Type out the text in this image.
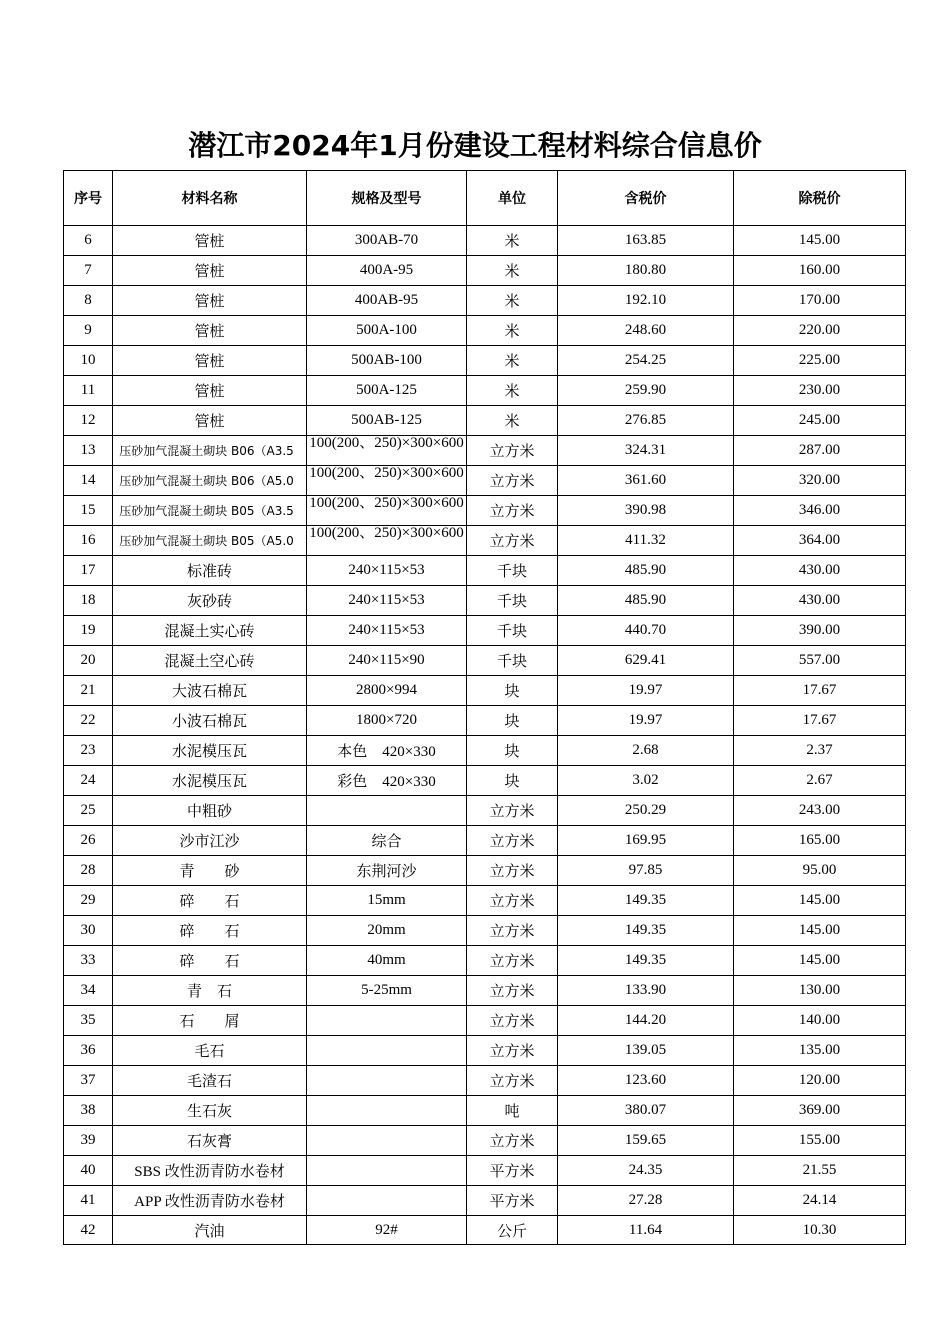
潜江市2024年1月份建设工程材料综合信息价
序号	材料名称	规格及型号	单位	含税价	除税价
6	管桩	300AB-70	米	163.85	145.00
7	管桩	400A-95	米	180.80	160.00
8	管桩	400AB-95	米	192.10	170.00
9	管桩	500A-100	米	248.60	220.00
10	管桩	500AB-100	米	254.25	225.00
11	管桩	500A-125	米	259.90	230.00
12	管桩	500AB-125	米	276.85	245.00
13	压砂加气混凝土砌块 B06（A3.5	100(200、250)×300×600	立方米	324.31	287.00
14	压砂加气混凝土砌块 B06（A5.0	100(200、250)×300×600	立方米	361.60	320.00
15	压砂加气混凝土砌块 B05（A3.5	100(200、250)×300×600	立方米	390.98	346.00
16	压砂加气混凝土砌块 B05（A5.0	100(200、250)×300×600	立方米	411.32	364.00
17	标准砖	240×115×53	千块	485.90	430.00
18	灰砂砖	240×115×53	千块	485.90	430.00
19	混凝土实心砖	240×115×53	千块	440.70	390.00
20	混凝土空心砖	240×115×90	千块	629.41	557.00
21	大波石棉瓦	2800×994	块	19.97	17.67
22	小波石棉瓦	1800×720	块	19.97	17.67
23	水泥模压瓦	本色　420×330	块	2.68	2.37
24	水泥模压瓦	彩色　420×330	块	3.02	2.67
25	中粗砂		立方米	250.29	243.00
26	沙市江沙	综合	立方米	169.95	165.00
28	青　　砂	东荆河沙	立方米	97.85	95.00
29	碎　　石	15mm	立方米	149.35	145.00
30	碎　　石	20mm	立方米	149.35	145.00
33	碎　　石	40mm	立方米	149.35	145.00
34	青　石	5-25mm	立方米	133.90	130.00
35	石　　屑		立方米	144.20	140.00
36	毛石		立方米	139.05	135.00
37	毛渣石		立方米	123.60	120.00
38	生石灰		吨	380.07	369.00
39	石灰膏		立方米	159.65	155.00
40	SBS 改性沥青防水卷材		平方米	24.35	21.55
41	APP 改性沥青防水卷材		平方米	27.28	24.14
42	汽油	92#	公斤	11.64	10.30
